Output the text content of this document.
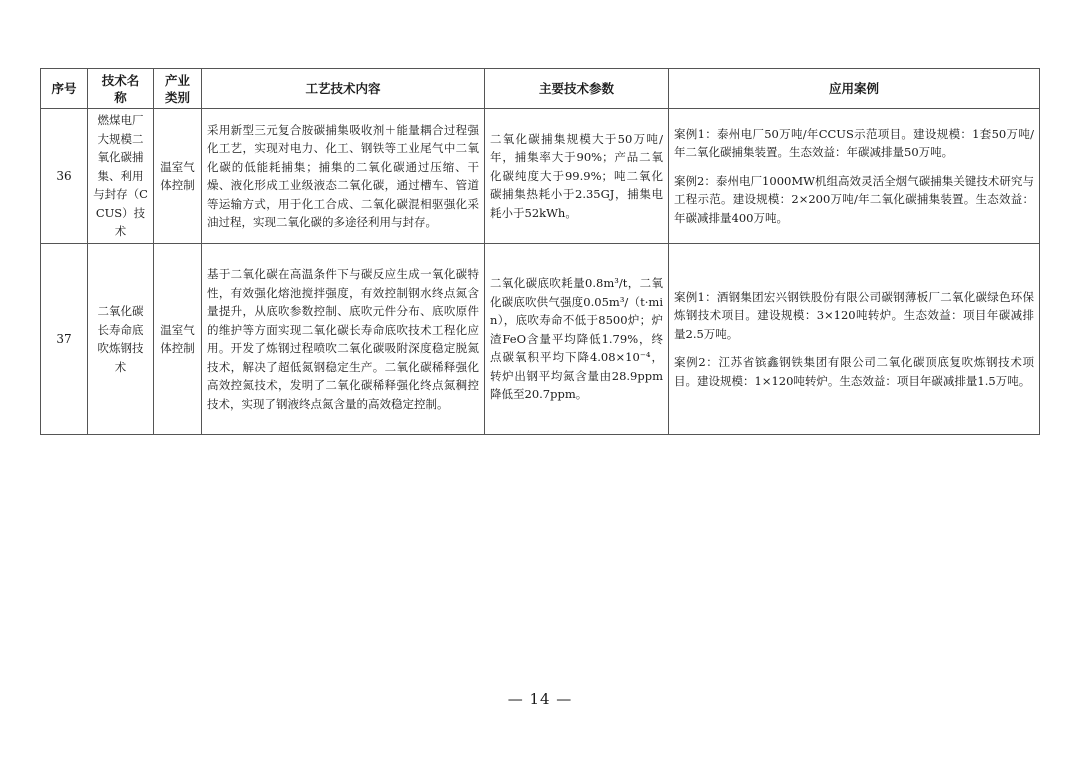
序号	技术名称	产业类别	工艺技术内容	主要技术参数	应用案例
36	燃煤电厂大规模二氧化碳捕集、利用与封存（CCUS）技术	温室气体控制	采用新型三元复合胺碳捕集吸收剂＋能量耦合过程强化工艺，实现对电力、化工、钢铁等工业尾气中二氧化碳的低能耗捕集；捕集的二氧化碳通过压缩、干燥、液化形成工业级液态二氧化碳，通过槽车、管道等运输方式，用于化工合成、二氧化碳混相驱强化采油过程，实现二氧化碳的多途径利用与封存。	二氧化碳捕集规模大于50万吨/年，捕集率大于90%；产品二氧化碳纯度大于99.9%；吨二氧化碳捕集热耗小于2.35GJ，捕集电耗小于52kWh。	案例1：泰州电厂50万吨/年CCUS示范项目。建设规模：1套50万吨/年二氧化碳捕集装置。生态效益：年碳减排量50万吨。
案例2：泰州电厂1000MW机组高效灵活全烟气碳捕集关键技术研究与工程示范。建设规模：2×200万吨/年二氧化碳捕集装置。生态效益：年碳减排量400万吨。

37	二氧化碳长寿命底吹炼钢技术	温室气体控制	基于二氧化碳在高温条件下与碳反应生成一氧化碳特性，有效强化熔池搅拌强度，有效控制钢水终点氮含量提升，从底吹参数控制、底吹元件分布、底吹原件的维护等方面实现二氧化碳长寿命底吹技术工程化应用。开发了炼钢过程喷吹二氧化碳吸附深度稳定脱氮技术，解决了超低氮钢稳定生产。二氧化碳稀释强化高效控氮技术，发明了二氧化碳稀释强化终点氮稠控技术，实现了钢液终点氮含量的高效稳定控制。	二氧化碳底吹耗量0.8m³/t，二氧化碳底吹供气强度0.05m³/（t·min），底吹寿命不低于8500炉；炉渣FeO含量平均降低1.79%，终点碳氧积平均下降4.08×10⁻⁴，转炉出钢平均氮含量由28.9ppm降低至20.7ppm。	案例1：酒钢集团宏兴钢铁股份有限公司碳钢薄板厂二氧化碳绿色环保炼钢技术项目。建设规模：3×120吨转炉。生态效益：项目年碳减排量2.5万吨。
案例2：江苏省镔鑫钢铁集团有限公司二氧化碳顶底复吹炼钢技术项目。建设规模：1×120吨转炉。生态效益：项目年碳减排量1.5万吨。
— 14 —
